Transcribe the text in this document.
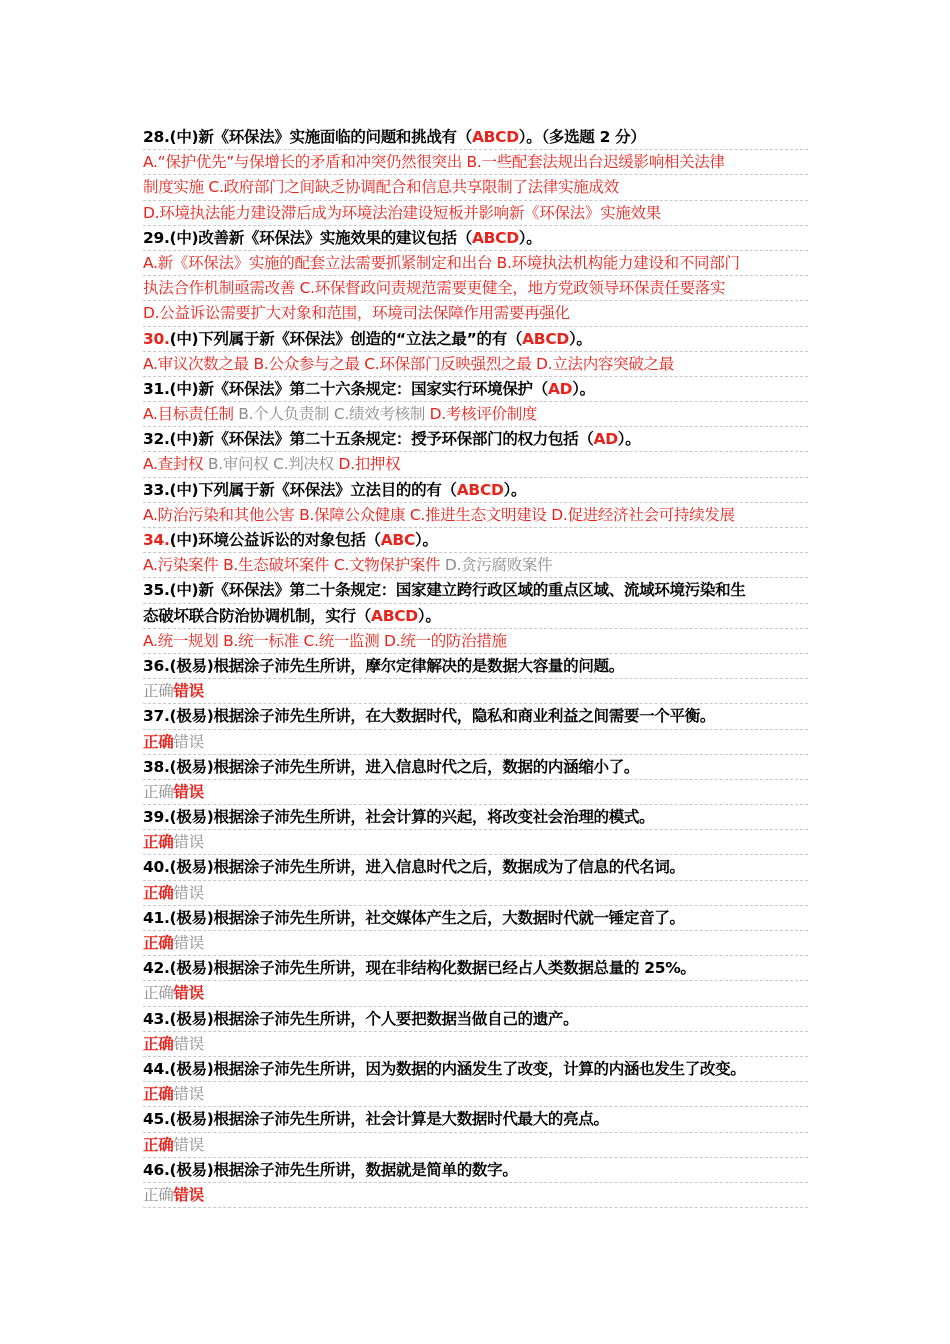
28.(中)新《环保法》实施面临的问题和挑战有（ABCD）。（多选题 2 分）
A.“保护优先”与保增长的矛盾和冲突仍然很突出 B.一些配套法规出台迟缓影响相关法律
制度实施 C.政府部门之间缺乏协调配合和信息共享限制了法律实施成效
D.环境执法能力建设滞后成为环境法治建设短板并影响新《环保法》实施效果
29.(中)改善新《环保法》实施效果的建议包括（ABCD）。
A.新《环保法》实施的配套立法需要抓紧制定和出台 B.环境执法机构能力建设和不同部门
执法合作机制亟需改善 C.环保督政问责规范需要更健全，地方党政领导环保责任要落实
D.公益诉讼需要扩大对象和范围，环境司法保障作用需要再强化
30.(中)下列属于新《环保法》创造的“立法之最”的有（ABCD）。
A.审议次数之最 B.公众参与之最 C.环保部门反映强烈之最 D.立法内容突破之最
31.(中)新《环保法》第二十六条规定：国家实行环境保护（AD）。
A.目标责任制 B.个人负责制 C.绩效考核制 D.考核评价制度
32.(中)新《环保法》第二十五条规定：授予环保部门的权力包括（AD）。
A.查封权 B.审问权 C.判决权 D.扣押权
33.(中)下列属于新《环保法》立法目的的有（ABCD）。
A.防治污染和其他公害 B.保障公众健康 C.推进生态文明建设 D.促进经济社会可持续发展
34.(中)环境公益诉讼的对象包括（ABC）。
A.污染案件 B.生态破坏案件 C.文物保护案件 D.贪污腐败案件
35.(中)新《环保法》第二十条规定：国家建立跨行政区域的重点区域、流域环境污染和生
态破坏联合防治协调机制，实行（ABCD）。
A.统一规划 B.统一标准 C.统一监测 D.统一的防治措施
36.(极易)根据涂子沛先生所讲，摩尔定律解决的是数据大容量的问题。
正确错误
37.(极易)根据涂子沛先生所讲，在大数据时代，隐私和商业利益之间需要一个平衡。
正确错误
38.(极易)根据涂子沛先生所讲，进入信息时代之后，数据的内涵缩小了。
正确错误
39.(极易)根据涂子沛先生所讲，社会计算的兴起，将改变社会治理的模式。
正确错误
40.(极易)根据涂子沛先生所讲，进入信息时代之后，数据成为了信息的代名词。
正确错误
41.(极易)根据涂子沛先生所讲，社交媒体产生之后，大数据时代就一锤定音了。
正确错误
42.(极易)根据涂子沛先生所讲，现在非结构化数据已经占人类数据总量的 25%。
正确错误
43.(极易)根据涂子沛先生所讲，个人要把数据当做自己的遗产。
正确错误
44.(极易)根据涂子沛先生所讲，因为数据的内涵发生了改变，计算的内涵也发生了改变。
正确错误
45.(极易)根据涂子沛先生所讲，社会计算是大数据时代最大的亮点。
正确错误
46.(极易)根据涂子沛先生所讲，数据就是简单的数字。
正确错误
